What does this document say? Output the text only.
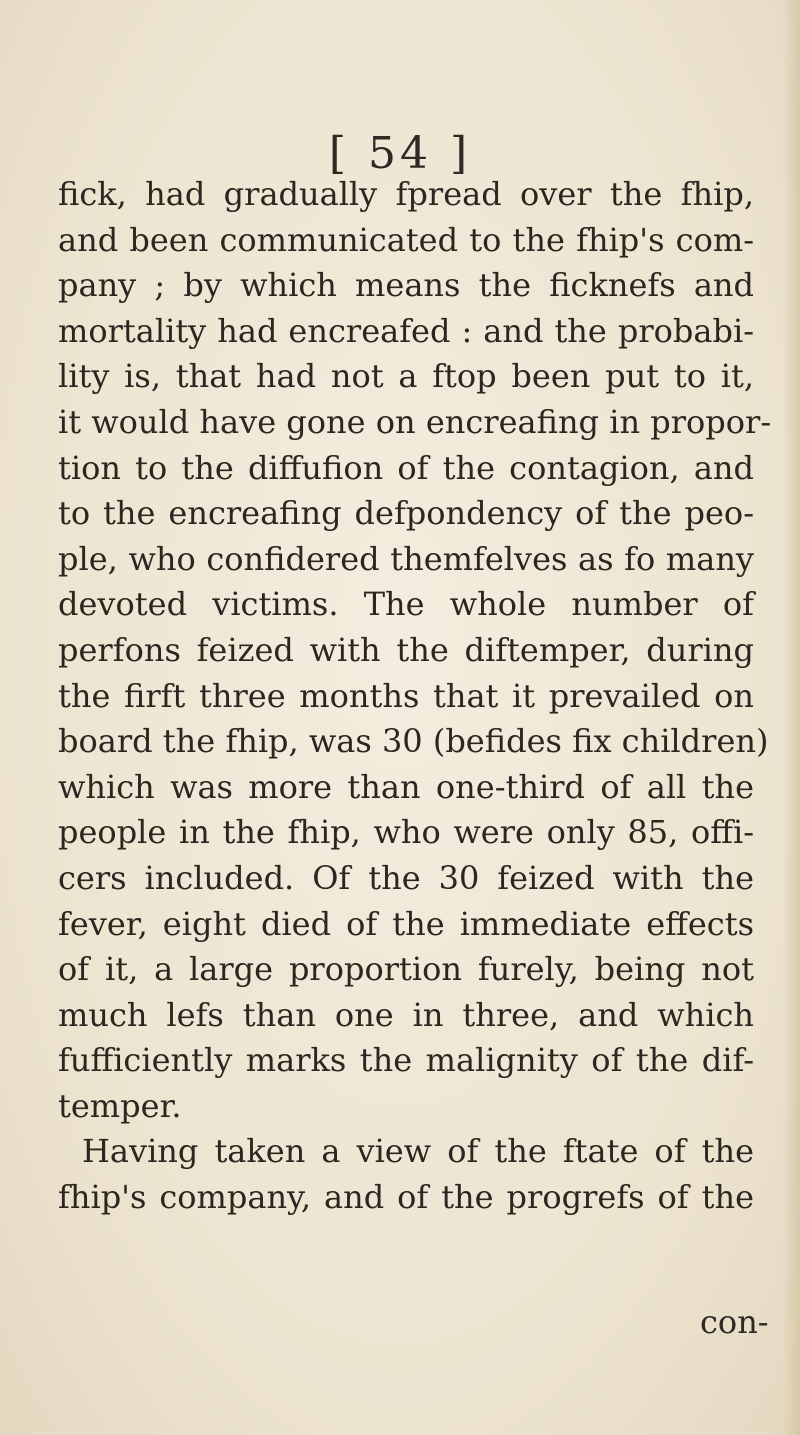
[ 54 ]
fick, had gradually fpread over the fhip,
and been communicated to the fhip's com-
pany ; by which means the ficknefs and
mortality had encreafed : and the probabi-
lity is, that had not a ftop been put to it,
it would have gone on encreafing in propor-
tion to the diffufion of the contagion, and
to the encreafing defpondency of the peo-
ple, who confidered themfelves as fo many
devoted victims. The whole number of
perfons feized with the diftemper, during
the firft three months that it prevailed on
board the fhip, was 30 (befides fix children)
which was more than one-third of all the
people in the fhip, who were only 85, offi-
cers included. Of the 30 feized with the
fever, eight died of the immediate effects
of it, a large proportion furely, being not
much lefs than one in three, and which
fufficiently marks the malignity of the dif-
temper.
Having taken a view of the ftate of the
fhip's company, and of the progrefs of the
con-
